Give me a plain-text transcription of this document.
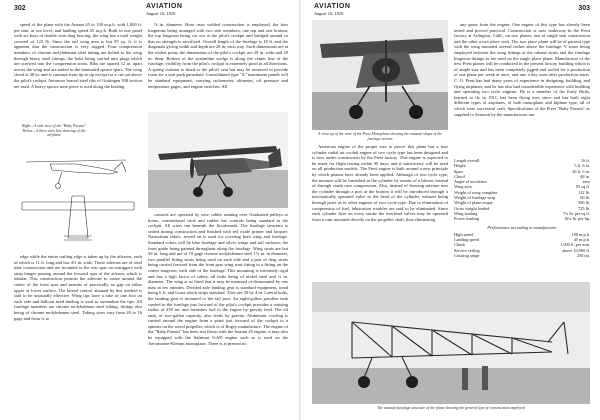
302	AVIATION
August 16, 1926

speed of the plane with the Anzani 45 to 100 m.p.h. with 1,000 ft. per min. at sea level, and landing speed 45 m.p.h. Built in one panel with six bays of double wire drag bracing, the wing has a total weight covered of 122 lb. Since the tail wing area is but 95 sq. ft. it is apparent that the construction is very rugged. Four compression members of chrome molybdenum steel tubing are bolted to the wing through heavy steel fittings, the bolts being carried into plugs which are screwed into the compression struts. Ribs are spaced 12 in. apart across the wing and are nailed to the laminated spruce spars. The wing chord is 48 in. and is constant from tip to tip except for a cut out above the pilot's cockpit. Aeronose braced steel ribs of Gottingen 398 section are used. A heavy spruce nose piece is used along the leading

Right—A side view of the "Baby Pursuit" Below—A three view line drawing of the airplane

edge while the entire trailing edge is taken up by the ailerons, each of which is 11 ft. long and has 4½ in. wide. These ailerons are of steel tube construction and are mounted to the rear spar on outriggers with strap hinges passing around the forward spar of the aileron, which is tubular. This construction permits the ailerons to rotate around the center of the front spar and permits of practically no gap on either upper or lower surface. The lateral control attained by this method is said to be unusually effective. Wing tips have a rake of one foot on each side and balloon tired landing is used to streamline the tips. All fuselage members are chrome molybdenum steel tubing, fittings also being of chrome molybdenum steel. Tubing sizes vary from 20 to 16 gage and from ¼ to

⅞ in. diameter. Hose truss welded construction is employed, the four longerons being arranged with two side members, one top and one bottom, the top longeron being cut out at the pilot's cockpit and bridged around so that no strength is sacrificed. Overall length of the fuselage is 18 ft. and the diagonals giving width and depth are 28 in. each way. Such dimensions are at the widest point, the dimensions of the pilot's cockpit are 29 in. wide and 29 in. deep. Bottom of the streamline wedge is along the center line of the fuselage, visibility from the pilot's cockpit is extremely good in all directions. A spring cushion is fitted to the pilot's seat but may be removed to provide room for a seat pack parachute. Consolidated type "A" instrument panels will be standard equipment, carrying tachometer, altimeter, oil pressure and temperature gages, and engine switches. All

controls are operated by wire cables running over Graduated pulleys to horns, conventional stick and rudder bar controls being standard in the cockpit. All wires run beneath the floorboards. The fuselage structure is sealed during construction and finished with red oxide primer and lacquer. Nasturtium fabric, sewed on is used for covering both wing and fuselage. Standard colors will be blue fuselage and silver wings and tail surfaces, the front guide being painted throughout along the fuselage. Wing struts are but 36 in. long and are of 18 gage chrome molybdenum steel 1⅛ in. in diameter, two parallel fitting struts being used on each side and a pair of drag struts being carried forward from the front spar wing strut fitting to a fitting on the center longeron, each side of the fuselage. This mounting is extremely rigid and has a high factor of safety, all bolts being of nickel steel and ¼ in. diameter. The wing is so fitted that it may be mounted or dismounted by one man in ten minutes. Divided axle landing gear is standard equipment, tread being 6 ft. and Grass shock strips standard. Tires are 20 by 4 in. Lateral bolts, the landing gear is mounted to the tail post. An eight-gallon gasoline tank carried in the fuselage just forward of the pilot's cockpit provides a cruising radius of 250 mi. and furnishes fuel to the engine by gravity feed. The oil tank, of two-gallon capacity, also feeds by gravity. Aluminum cowling is carried around the engine from a point just forward of the cockpit to a spinner on the wood propeller, which is of Bogey manufacture. The engine of the "Baby Pursuit" has been test flown with the Anzani 45 engine, it may also be equipped with the Salmson 9-AD engine such as is used on the Aeromarine-Klemm monoplane. There is at present no

AVIATION
August 16, 1926
303
A close up of the nose of the Prest Monoplane showing the unusual shape of the fuselage section

American engine of the proper size to power this plane but a four cylinder radial air cooled engine of two cycle type has been designed and is now under construction by the Prest factory. This engine is expected to be ready for flight testing within 90 days, and if satisfactory will be used on all production models. The Prest engine is built around a new principle by which pistons have already been applied. Although of two cycle type, the mixture will be furnished to the cylinder by means of a blower instead of through crank case compression. Also, instead of drawing mixture into the cylinder through a port at the bottom it will be introduced through a mechanically operated valve in the head of the cylinder, exhaust being through ports as in other engines of two cycle type. Due to elimination of compression of fuel, lubrication troubles are said to be eliminated. Since each cylinder fires on every stroke the overhead valves may be operated from a cam mounted directly on the propeller shaft, thus eliminating

any gears from the engine. One engine of this type has already been tested and proved practical. Construction is now underway in the Prest factory at Arlington, Calif., on two planes, one of single seat construction and the other a two place craft. The two place plane will be of parasol type with the wing mounted several inches above the fuselage. V struts being employed between the wing fittings at the cabane struts and the fuselage longeron fittings as are used on the single place plane. Manufacture of the new Prest planes will be conducted in the present factory building which is of ample size and has been completely jigged and tooled for a production of one plane per week at once, and one a day soon after production starts. C. O. Prest has had many years of experience in designing, building, and flying airplanes, and he has also had considerable experience with building and operating two cycle engines. He is a member of the Early Birds, learned to fly in 1911, has been flying ever since and has built eight different types of airplanes, of both monoplane and biplane type, all of which were successful craft. Specifications of the Prest "Baby Pursuit" as supplied to Aviation by the manufacturer are:

Length overall	16 ft.
Height	5 ft. 6 in.
Span	26 ft. 6 in.
Chord	48 in.
Angle of incidence	zero
Wing area	95 sq.ft.
Weight of wing complete	122 lb.
Weight of fuselage strip	60 lb.
Weight of plane empty	390 lb.
Gross weight loaded	725 lb.
Wing loading	7¼ lb. per sq.ft.
Power loading	16¼ lb. per hp.
Performance according to manufacturer
High speed	100 m.p.h.
Landing speed	45 m.p.h.
Climb	1,000 ft. per min.
Service ceiling	above 10,000 ft.
Cruising range	250 mi.
The unusual fuselage structure of the plane showing the general type of construction employed
